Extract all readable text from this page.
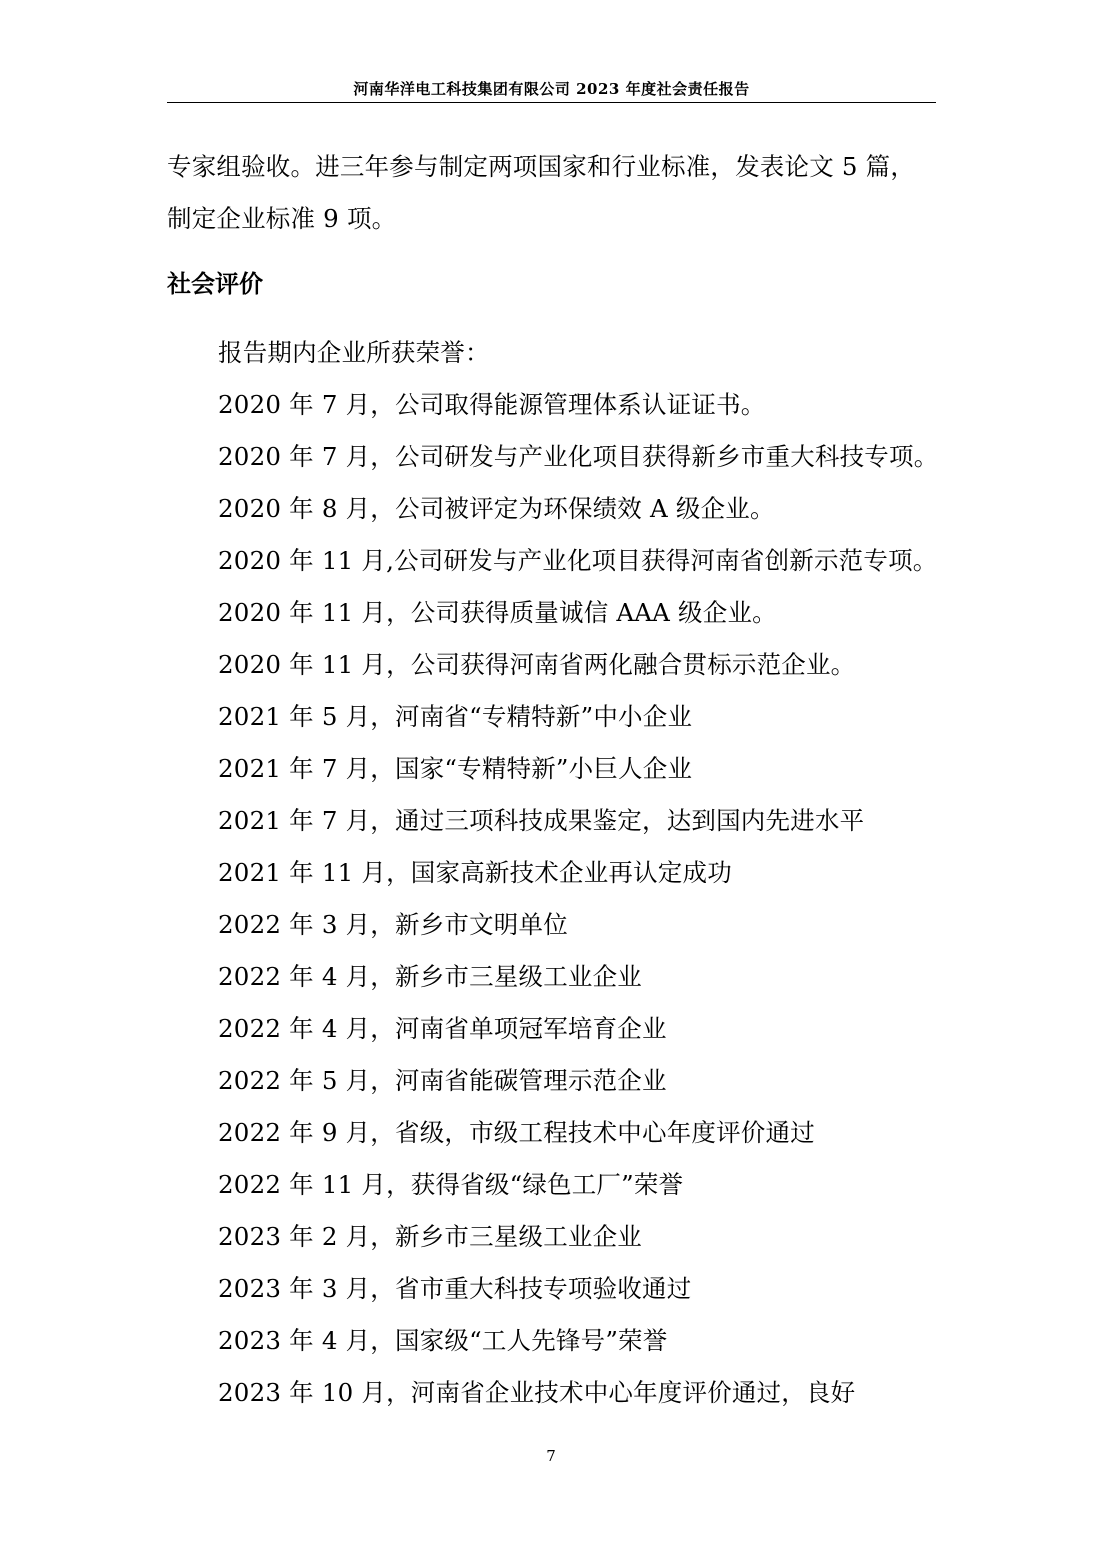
河南华洋电工科技集团有限公司 2023 年度社会责任报告
专家组验收。进三年参与制定两项国家和行业标准，发表论文 5 篇，
制定企业标准 9 项。
社会评价
报告期内企业所获荣誉：
2020 年 7 月，公司取得能源管理体系认证证书。
2020 年 7 月，公司研发与产业化项目获得新乡市重大科技专项。
2020 年 8 月，公司被评定为环保绩效 A 级企业。
2020 年 11 月,公司研发与产业化项目获得河南省创新示范专项。
2020 年 11 月，公司获得质量诚信 AAA 级企业。
2020 年 11 月，公司获得河南省两化融合贯标示范企业。
2021 年 5 月，河南省“专精特新”中小企业
2021 年 7 月，国家“专精特新”小巨人企业
2021 年 7 月，通过三项科技成果鉴定，达到国内先进水平
2021 年 11 月，国家高新技术企业再认定成功
2022 年 3 月，新乡市文明单位
2022 年 4 月，新乡市三星级工业企业
2022 年 4 月，河南省单项冠军培育企业
2022 年 5 月，河南省能碳管理示范企业
2022 年 9 月，省级，市级工程技术中心年度评价通过
2022 年 11 月，获得省级“绿色工厂”荣誉
2023 年 2 月，新乡市三星级工业企业
2023 年 3 月，省市重大科技专项验收通过
2023 年 4 月，国家级“工人先锋号”荣誉
2023 年 10 月，河南省企业技术中心年度评价通过，良好
7
